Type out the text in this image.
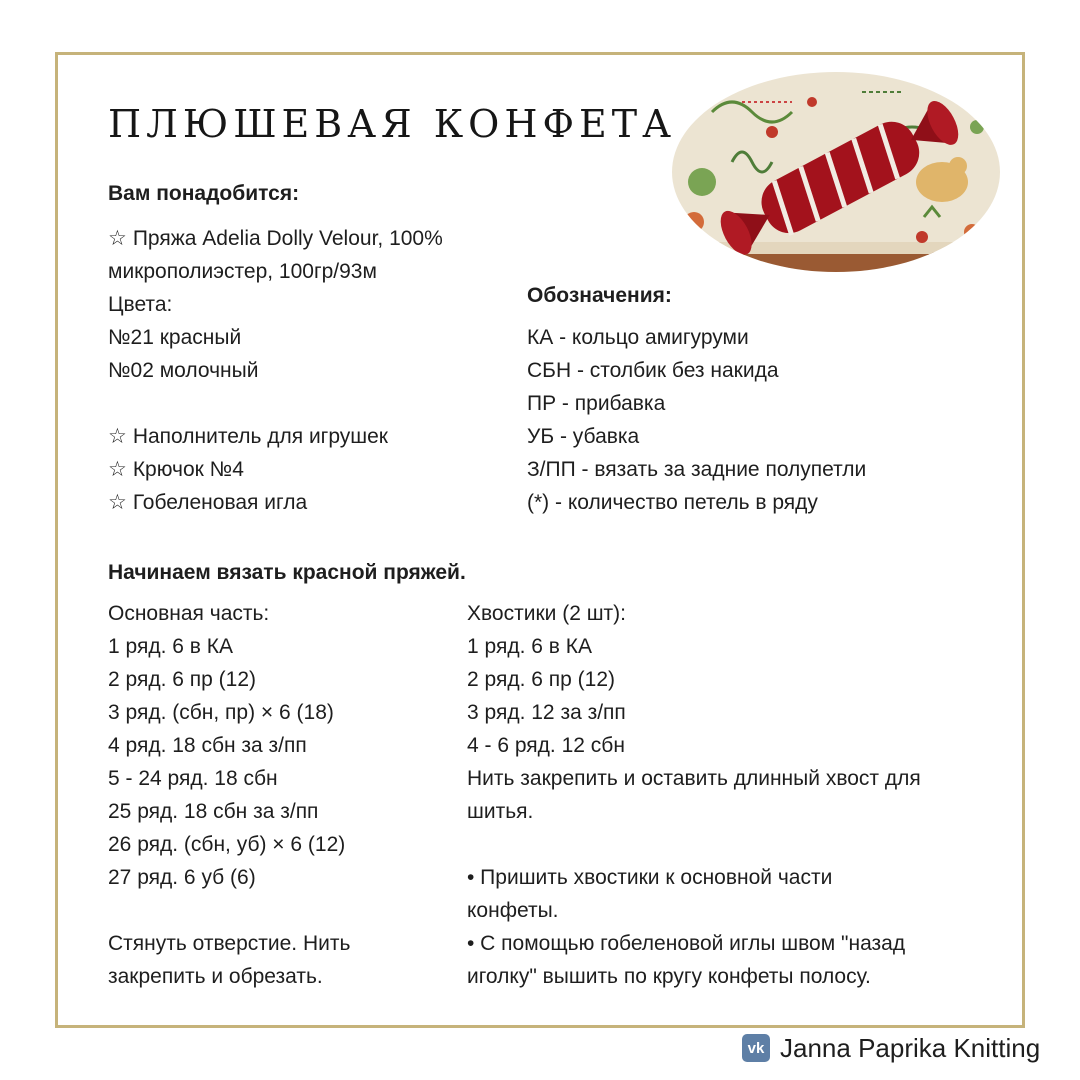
ПЛЮШЕВАЯ КОНФЕТА
Вам понадобится:
☆ Пряжа Adelia Dolly Velour, 100%
микрополиэстер, 100гр/93м
Цвета:
№21 красный
№02 молочный

☆ Наполнитель для игрушек
☆ Крючок №4
☆ Гобеленовая игла
Обозначения:
КА - кольцо амигуруми
СБН - столбик без накида
ПР - прибавка
УБ - убавка
З/ПП - вязать за задние полупетли
(*) - количество петель в ряду
Начинаем вязать красной пряжей.
Основная часть:
1 ряд. 6 в КА
2 ряд. 6 пр (12)
3 ряд. (сбн, пр) × 6 (18)
4 ряд. 18 сбн за з/пп
5 - 24 ряд. 18 сбн
25 ряд. 18 сбн за з/пп
26 ряд. (сбн, уб) × 6 (12)
27 ряд. 6 уб (6)

Стянуть отверстие. Нить
закрепить и обрезать.
Хвостики (2 шт):
1 ряд. 6 в КА
2 ряд. 6 пр (12)
3 ряд. 12 за з/пп
4 - 6 ряд. 12 сбн
Нить закрепить и оставить длинный хвост для
шитья.

• Пришить хвостики к основной части
конфеты.
• С помощью гобеленовой иглы швом "назад
иголку" вышить по кругу конфеты полосу.
vk Janna Paprika Knitting
